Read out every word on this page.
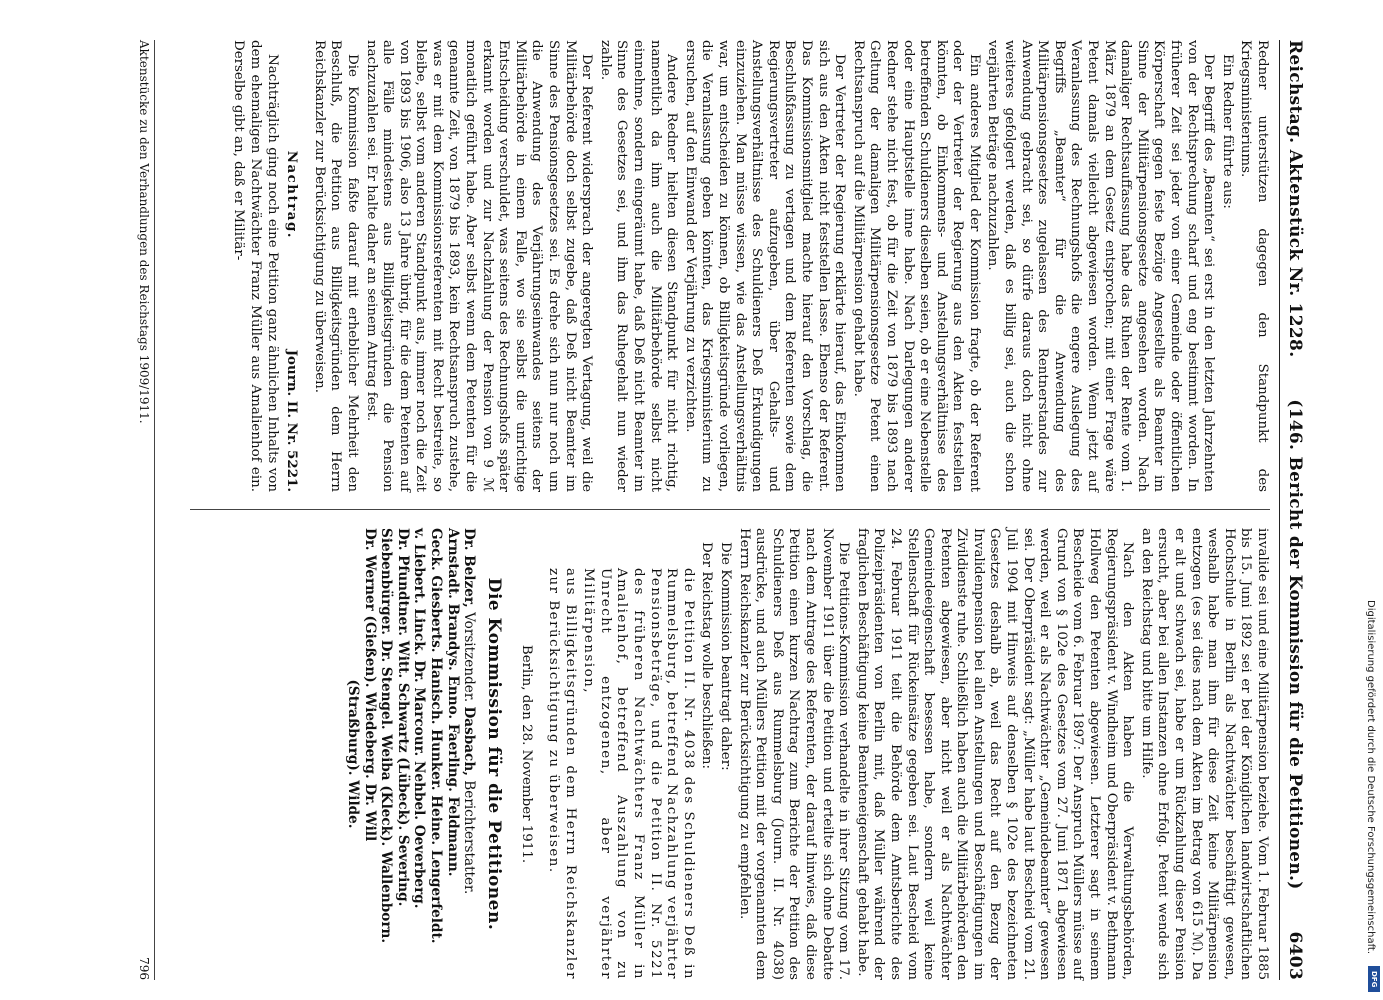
Reichstag. Aktenstück Nr. 1228.
(146. Bericht der Kommission für die Petitionen.)
6403

Redner unterstützen dagegen den Standpunkt des Kriegsministeriums.

Ein Redner führte aus:

Der Begriff des „Beamten“ sei erst in den letzten Jahrzehnten von der Rechtsprechung scharf und eng bestimmt worden. In früherer Zeit sei jeder von einer Gemeinde oder öffentlichen Körperschaft gegen feste Bezüge Angestellte als Beamter im Sinne der Militärpensionsgesetze angesehen worden. Nach damaliger Rechtsauffassung habe das Ruhen der Rente vom 1. März 1879 an dem Gesetz entsprochen; mit einer Frage wäre Petent damals vielleicht abgewiesen worden. Wenn jetzt auf Veranlassung des Rechnungshofs die engere Auslegung des Begriffs „Beamter“ für die Anwendung des Militärpensionsgesetzes zugelassen des Rentnerstandes zur Anwendung gebracht sei, so dürfe daraus doch nicht ohne weiteres gefolgert werden, daß es billig sei, auch die schon verjährten Beträge nachzuzahlen.

Ein anderes Mitglied der Kommission fragte, ob der Referent oder der Vertreter der Regierung aus den Akten feststellen könnten, ob Einkommens- und Anstellungsverhältnisse des betreffenden Schuldieners dieselben seien, ob er eine Nebenstelle oder eine Hauptstelle inne habe. Nach Darlegungen anderer Redner stehe nicht fest, ob für die Zeit von 1879 bis 1893 nach Geltung der damaligen Militärpensionsgesetze Petent einen Rechtsanspruch auf die Militärpension gehabt habe.

Der Vertreter der Regierung erklärte hierauf, das Einkommen sich aus den Akten nicht feststellen lasse. Ebenso der Referent. Das Kommissionsmitglied machte hierauf den Vorschlag, die Beschlußfassung zu vertagen und dem Referenten sowie dem Regierungsvertreter aufzugeben, über Gehalts- und Anstellungsverhältnisse des Schuldieners Deß Erkundigungen einzuziehen. Man müsse wissen, wie das Anstellungsverhältnis war, um entscheiden zu können, ob Billigkeitsgründe vorliegen, die Veranlassung geben könnten, das Kriegsministerium zu ersuchen, auf den Einwand der Verjährung zu verzichten.

Andere Redner hielten diesen Standpunkt für nicht richtig, namentlich da ihm auch die Militärbehörde selbst nicht einnehme, sondern eingeräumt habe, daß Deß nicht Beamter im Sinne des Gesetzes sei, und ihm das Ruhegehalt nun wieder zahle.

Der Referent widersprach der angeregten Vertagung, weil die Militärbehörde doch selbst zugebe, daß Deß nicht Beamter im Sinne des Pensionsgesetzes sei. Es drehe sich nun nur noch um die Anwendung des Verjährungseinwandes seitens der Militärbehörde in einem Falle, wo sie selbst die unrichtige Entscheidung verschuldet, was seitens des Rechnungshofs später erkannt worden und zur Nachzahlung der Pension von 9 ℳ monatlich geführt habe. Aber selbst wenn dem Petenten für die genannte Zeit, von 1879 bis 1893, kein Rechtsanspruch zustehe, was er mit dem Kommissionsreferenten mit Recht bestreite, so bleibe, selbst vom anderen Standpunkt aus, immer noch die Zeit von 1893 bis 1906, also 13 Jahre übrig, für die dem Petenten auf alle Fälle mindestens aus Billigkeitsgründen die Pension nachzuzahlen sei. Er halte daher an seinem Antrag fest.

Die Kommission faßte darauf mit erheblicher Mehrheit den Beschluß, die Petition aus Billigkeitsgründen dem Herrn Reichskanzler zur Berücksichtigung zu überweisen.

Nachtrag.
Journ. II. Nr. 5221.

Nachträglich ging noch eine Petition ganz ähnlichen Inhalts von dem ehemaligen Nachtwächter Franz Müller aus Amalienhof ein. Derselbe gibt an, daß er Militär-

invalide sei und eine Militärpension beziehe. Vom 1. Februar 1885 bis 15. Juni 1892 sei er bei der Königlichen landwirtschaftlichen Hochschule in Berlin als Nachtwächter beschäftigt gewesen, weshalb habe man ihm für diese Zeit keine Militärpension entzogen (es sei dies nach dem Akten im Betrag von 615 ℳ). Da er alt und schwach sei, habe er um Rückzahlung dieser Pension ersucht, aber bei allen Instanzen ohne Erfolg. Petent wende sich an den Reichstag und bitte um Hilfe.

Nach den Akten haben die Verwaltungsbehörden, Regierungspräsident v. Windheim und Oberpräsident v. Bethmann Hollweg den Petenten abgewiesen. Letzterer sagt in seinem Bescheide vom 6. Februar 1897: Der Anspruch Müllers müsse auf Grund von § 102e des Gesetzes vom 27. Juni 1871 abgewiesen werden, weil er als Nachtwächter „Gemeindebeamter“ gewesen sei. Der Oberpräsident sagt: „Müller habe laut Bescheid vom 21. Juli 1904 mit Hinweis auf denselben § 102e des bezeichneten Gesetzes deshalb ab, weil das Recht auf den Bezug der Invalidenpension bei allen Anstellungen und Beschäftigungen im Zivildienste ruhe. Schließlich haben auch die Militärbehörden den Petenten abgewiesen, aber nicht weil er als Nachtwächter Gemeindeeigenschaft besessen habe, sondern weil keine Stellenschaft für Rückeinsätze gegeben sei. Laut Bescheid vom 24. Februar 1911 teilt die Behörde dem Amtsberichte des Polizeipräsidenten von Berlin mit, daß Müller während der fraglichen Beschäftigung keine Beamteneigenschaft gehabt habe.

Die Petitions-Kommission verhandelte in ihrer Sitzung vom 17. November 1911 über die Petition und erteilte sich ohne Debatte nach dem Antrage des Referenten, der darauf hinwies, daß diese Petition einen kurzen Nachtrag zum Berichte der Petition des Schuldieners Deß aus Rummelsburg (Journ. II. Nr. 4038) ausdrücke, und auch Müllers Petition mit der vorgenannten dem Herrn Reichskanzler zur Berücksichtigung zu empfehlen.

Die Kommission beantragt daher:

Der Reichstag wolle beschließen:

die Petition II. Nr. 4038 des Schuldieners Deß in Rummelsburg, betreffend Nachzahlung verjährter Pensionsbeträge, und die Petition II. Nr. 5221 des früheren Nachtwächters Franz Müller in Amalienhof, betreffend Auszahlung von zu Unrecht entzogenen, aber verjährter Militärpension,

aus Billigkeitsgründen dem Herrn Reichskanzler zur Berücksichtigung zu überweisen.

Berlin, den 28. November 1911.
Die Kommission für die Petitionen.
Dr. Belzer, Vorsitzender. Dasbach, Berichterstatter.
Arnstadt. Brandys. Enno. Faerling. Feldmann.
Geck. Giesberts. Hanisch. Hunker. Heine. Lengerfeldt.
v. Liebert. Linck. Dr. Marcour. Nehbel. Oeverberg.
Dr. Pfundtner. Witt. Schwartz (Lübeck). Severing.
Siebenbürger. Dr. Stengel. Weiba (Kleck). Wallenborn.
Dr. Werner (Gießen). Wiedeberg. Dr. Will
(Straßburg). Wilde.
Aktenstücke zu den Verhandlungen des Reichstags 1909/1911.
796
Digitalisierung gefördert durch die Deutsche Forschungsgemeinschaft.
DFG
